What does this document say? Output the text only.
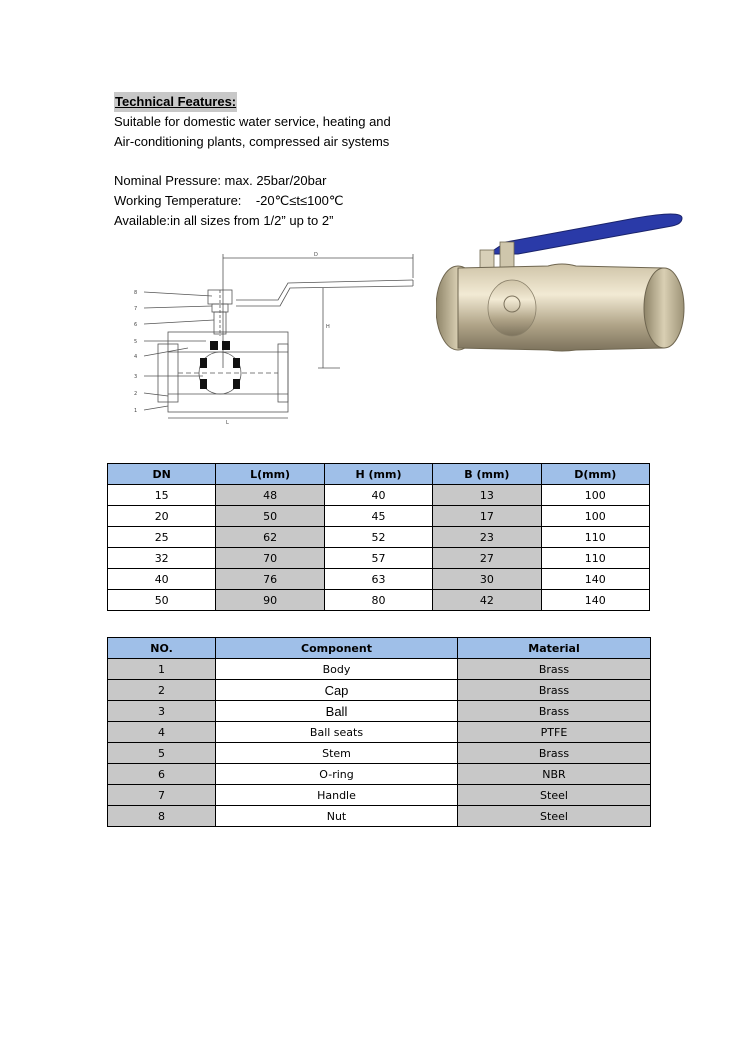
Technical Features:
Suitable for domestic water service, heating and
Air-conditioning plants, compressed air systems
Nominal Pressure: max. 25bar/20bar
Working Temperature:    -20℃≤t≤100℃
Available:in all sizes from 1/2” up to 2”
8
7
6
5
4
3
2
1
D
H
L
DN	L(mm)	H (mm)	B (mm)	D(mm)
15	48	40	13	100
20	50	45	17	100
25	62	52	23	110
32	70	57	27	110
40	76	63	30	140
50	90	80	42	140
NO.	Component	Material
1	Body	Brass
2	Cap	Brass
3	Ball	Brass
4	Ball seats	PTFE
5	Stem	Brass
6	O-ring	NBR
7	Handle	Steel
8	Nut	Steel
